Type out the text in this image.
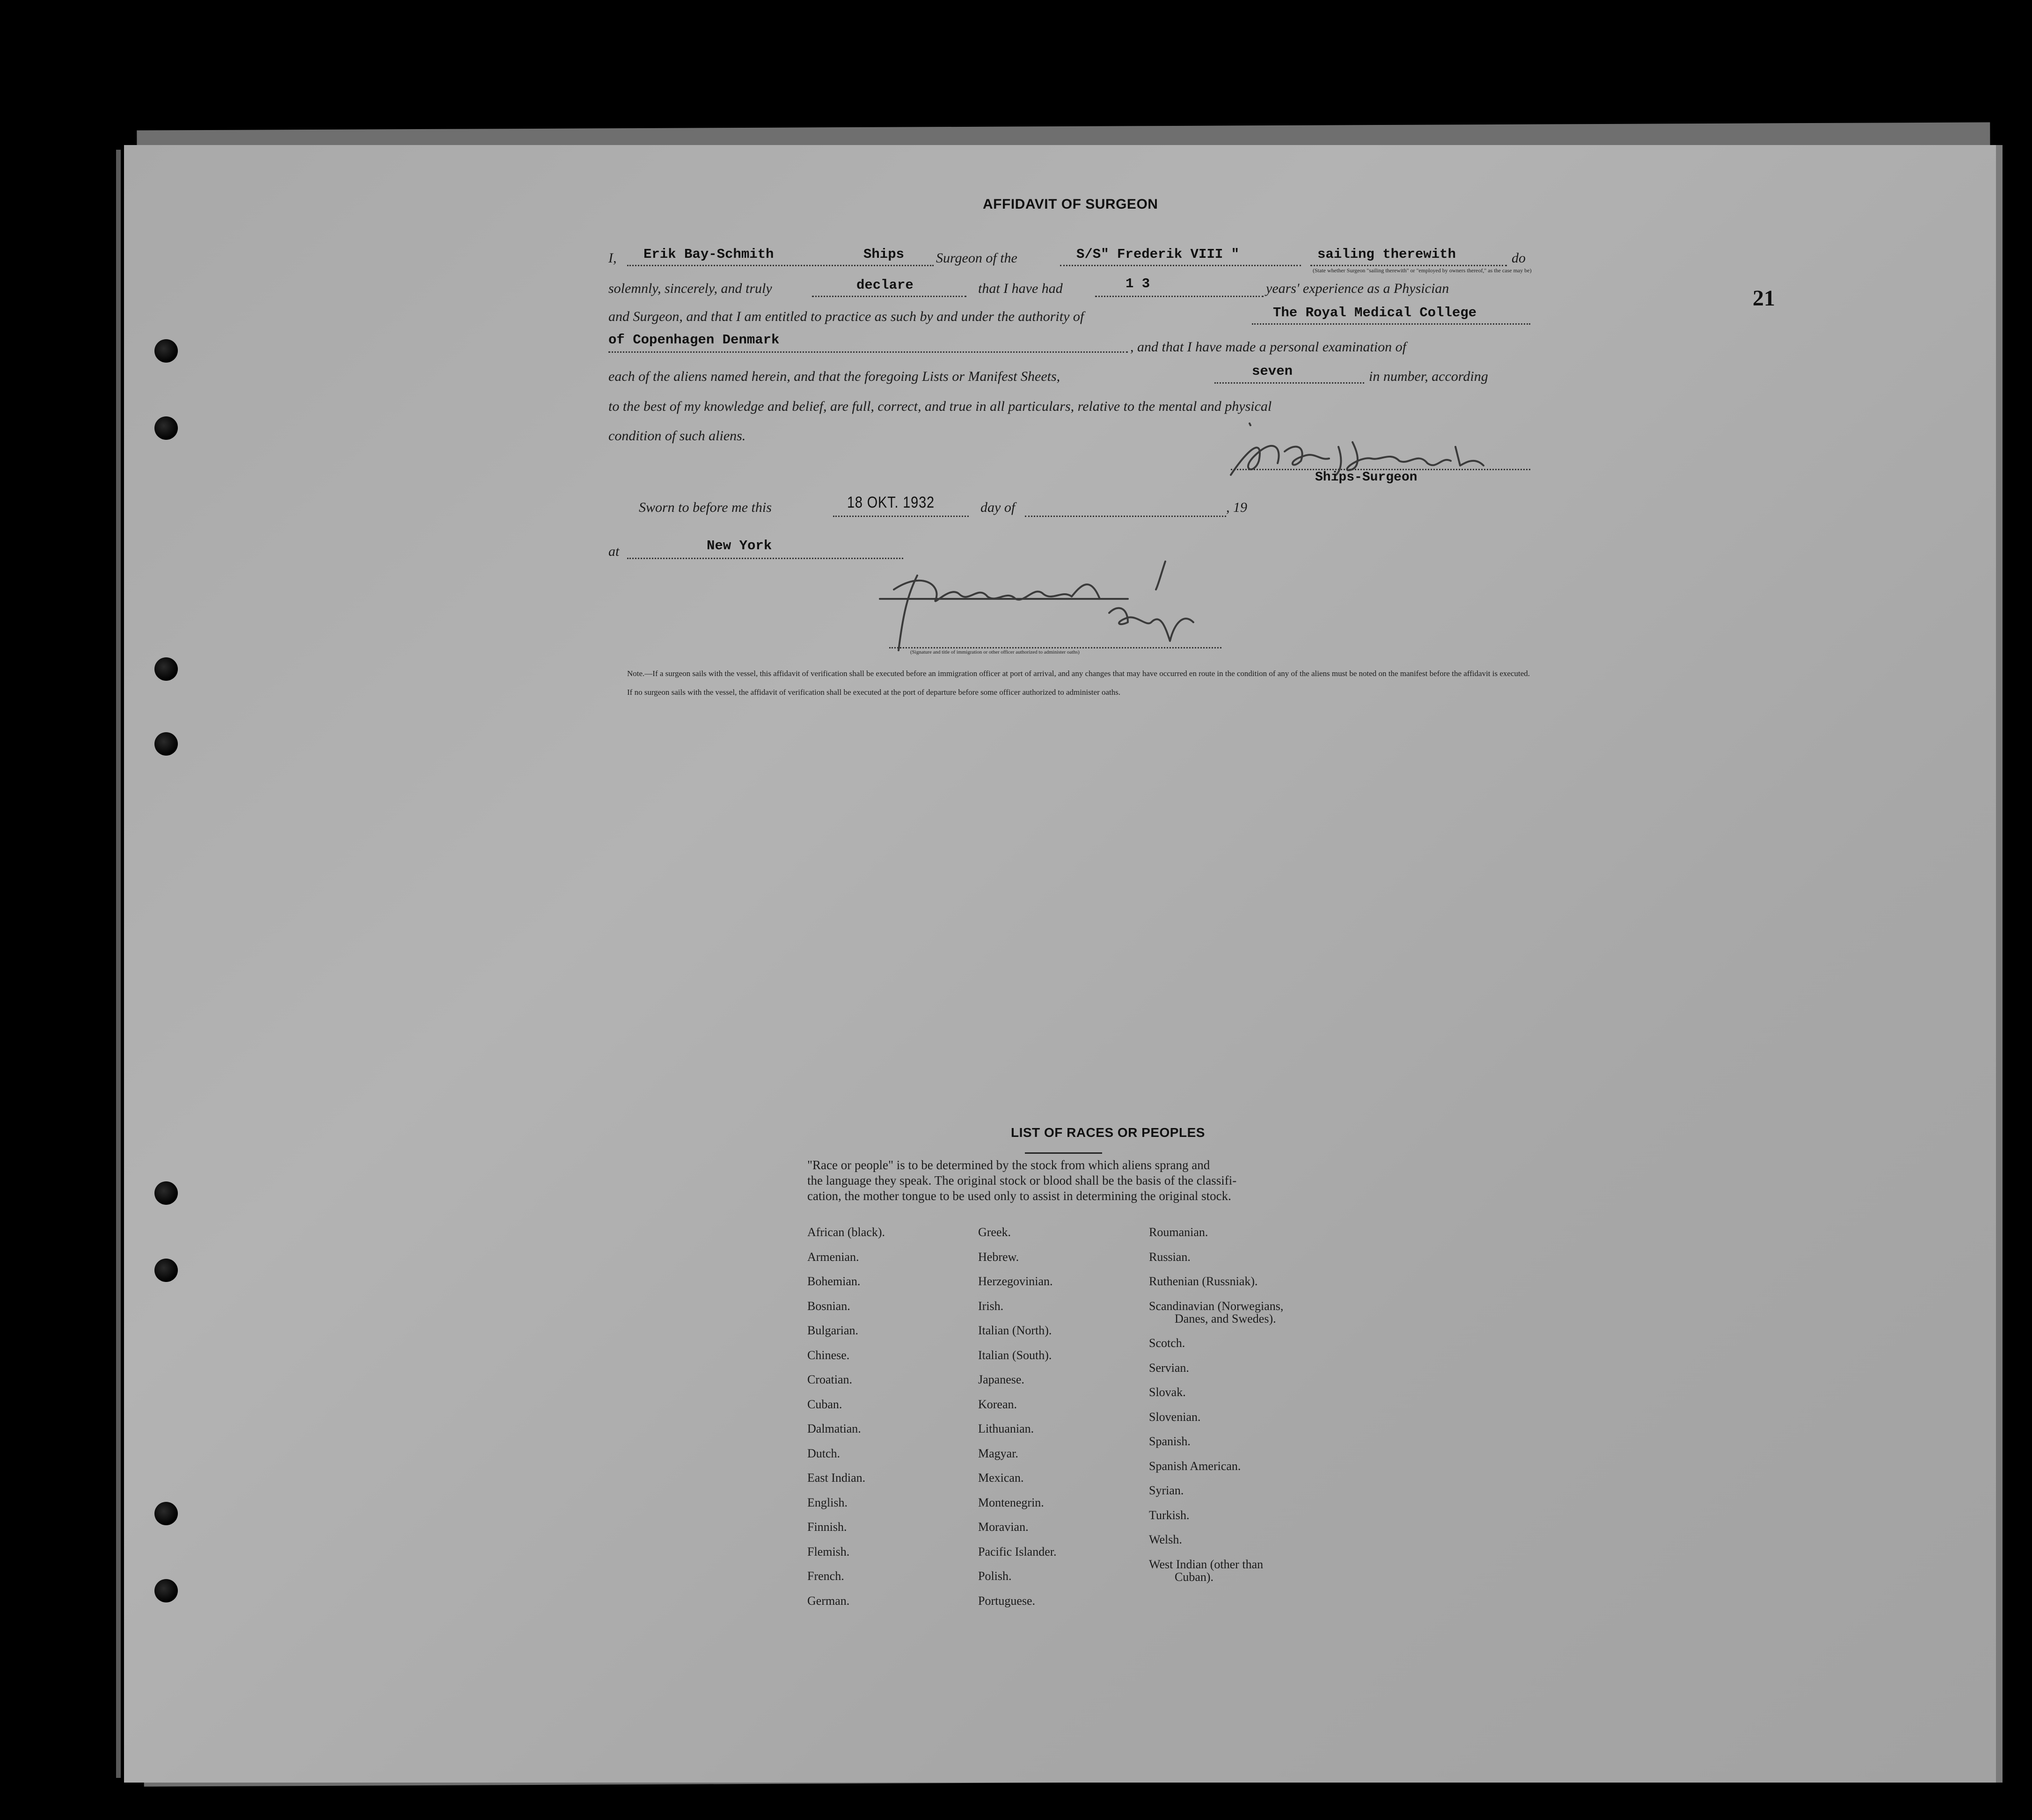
AFFIDAVIT OF SURGEON
I, Erik Bay-Schmith	Ships Surgeon of the	S/S" Frederik VIII "	sailing therewith	do
(State whether Surgeon "sailing therewith" or "employed by owners thereof," as the case may be)
solemnly, sincerely, and truly	declare	that I have had	1 3	years' experience as a Physician
and Surgeon, and that I am entitled to practice as such by and under the authority of	The Royal Medical College
of Copenhagen Denmark	, and that I have made a personal examination of
each of the aliens named herein, and that the foregoing Lists or Manifest Sheets,	seven	in number, according
to the best of my knowledge and belief, are full, correct, and true in all particulars, relative to the mental and physical
condition of such aliens.
Ships-Surgeon
Sworn to before me this	18 OKT. 1932	day of	, 19
at	New York
(Signature and title of immigration or other officer authorized to administer oaths)
Note.—If a surgeon sails with the vessel, this affidavit of verification shall be executed before an immigration officer at port of arrival, and any changes that may have occurred en route in the condition of any of the aliens must be noted on the manifest before the affidavit is executed.
If no surgeon sails with the vessel, the affidavit of verification shall be executed at the port of departure before some officer authorized to administer oaths.
21
LIST OF RACES OR PEOPLES
"Race or people" is to be determined by the stock from which aliens sprang and
the language they speak. The original stock or blood shall be the basis of the classifi-
cation, the mother tongue to be used only to assist in determining the original stock.
African (black).
Armenian.
Bohemian.
Bosnian.
Bulgarian.
Chinese.
Croatian.
Cuban.
Dalmatian.
Dutch.
East Indian.
English.
Finnish.
Flemish.
French.
German.
Greek.
Hebrew.
Herzegovinian.
Irish.
Italian (North).
Italian (South).
Japanese.
Korean.
Lithuanian.
Magyar.
Mexican.
Montenegrin.
Moravian.
Pacific Islander.
Polish.
Portuguese.
Roumanian.
Russian.
Ruthenian (Russniak).
Scandinavian (Norwegians,
Danes, and Swedes).
Scotch.
Servian.
Slovak.
Slovenian.
Spanish.
Spanish American.
Syrian.
Turkish.
Welsh.
West Indian (other than
Cuban).
